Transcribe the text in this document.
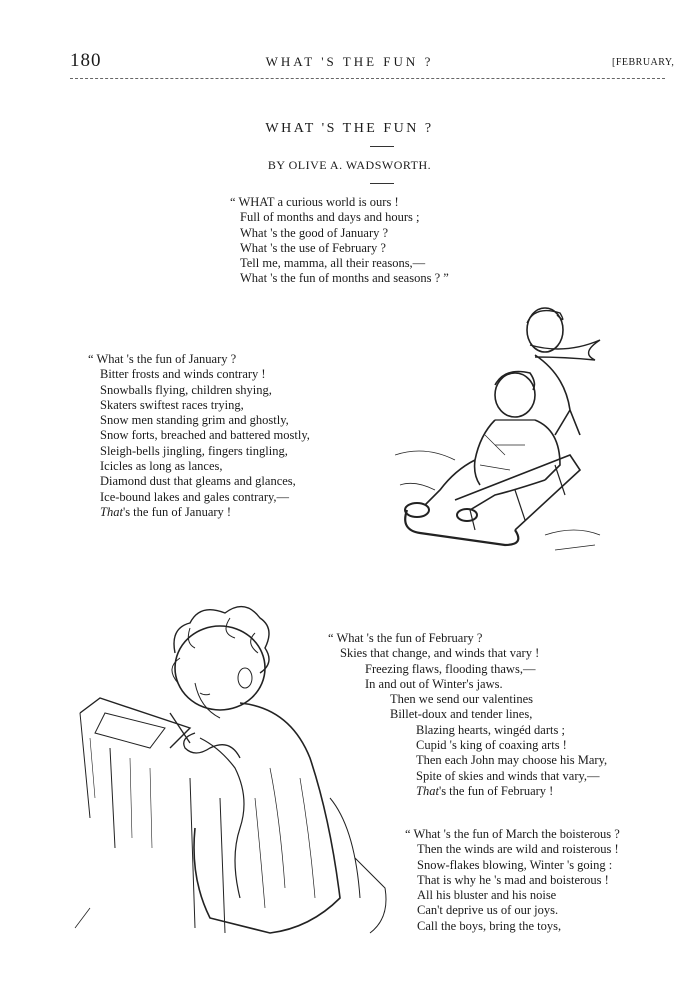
180	WHAT 'S THE FUN ?	[FEBRUARY,
WHAT 'S THE FUN ?
BY OLIVE A. WADSWORTH.
“ WHAT a curious world is ours !
Full of months and days and hours ;
What 's the good of January ?
What 's the use of February ?
Tell me, mamma, all their reasons,—
What 's the fun of months and seasons ? ”
“ What 's the fun of January ?
Bitter frosts and winds contrary !
Snowballs flying, children shying,
Skaters swiftest races trying,
Snow men standing grim and ghostly,
Snow forts, breached and battered mostly,
Sleigh-bells jingling, fingers tingling,
Icicles as long as lances,
Diamond dust that gleams and glances,
Ice-bound lakes and gales contrary,—
That's the fun of January !
“ What 's the fun of February ?
Skies that change, and winds that vary !
Freezing flaws, flooding thaws,—
In and out of Winter's jaws.
Then we send our valentines
Billet-doux and tender lines,
Blazing hearts, wingéd darts ;
Cupid 's king of coaxing arts !
Then each John may choose his Mary,
Spite of skies and winds that vary,—
That's the fun of February !
“ What 's the fun of March the boisterous ?
Then the winds are wild and roisterous !
Snow-flakes blowing, Winter 's going :
That is why he 's mad and boisterous !
All his bluster and his noise
Can't deprive us of our joys.
Call the boys, bring the toys,
